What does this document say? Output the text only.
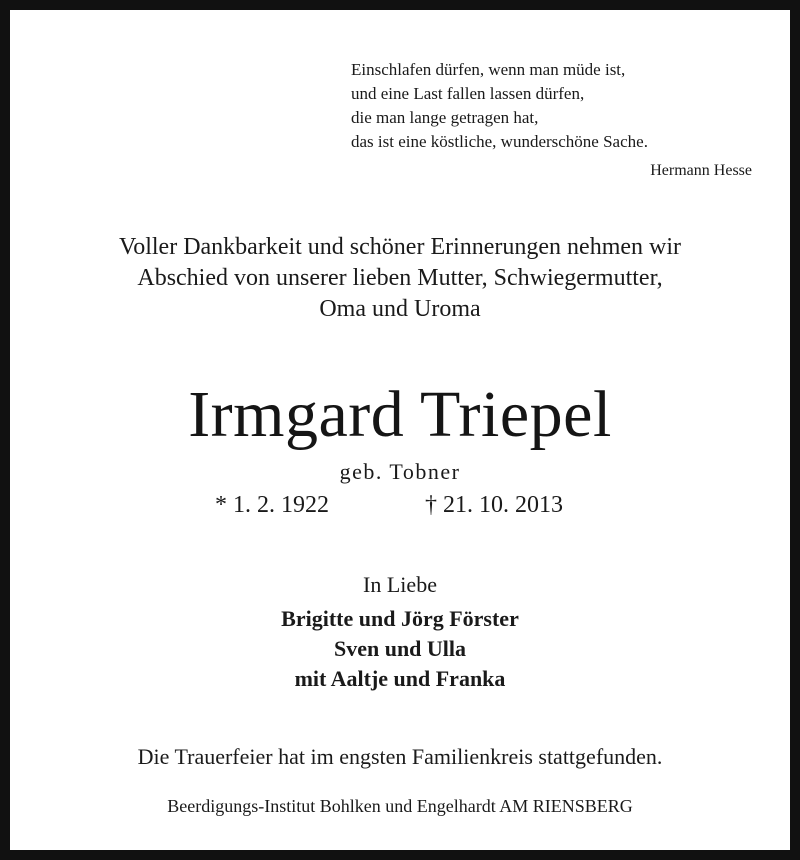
Einschlafen dürfen, wenn man müde ist,
und eine Last fallen lassen dürfen,
die man lange getragen hat,
das ist eine köstliche, wunderschöne Sache.
Hermann Hesse
Voller Dankbarkeit und schöner Erinnerungen nehmen wir
Abschied von unserer lieben Mutter, Schwiegermutter,
Oma und Uroma
Irmgard Triepel
geb. Tobner
* 1. 2. 1922	† 21. 10. 2013
In Liebe
Brigitte und Jörg Förster
Sven und Ulla
mit Aaltje und Franka
Die Trauerfeier hat im engsten Familienkreis stattgefunden.
Beerdigungs-Institut Bohlken und Engelhardt AM RIENSBERG
